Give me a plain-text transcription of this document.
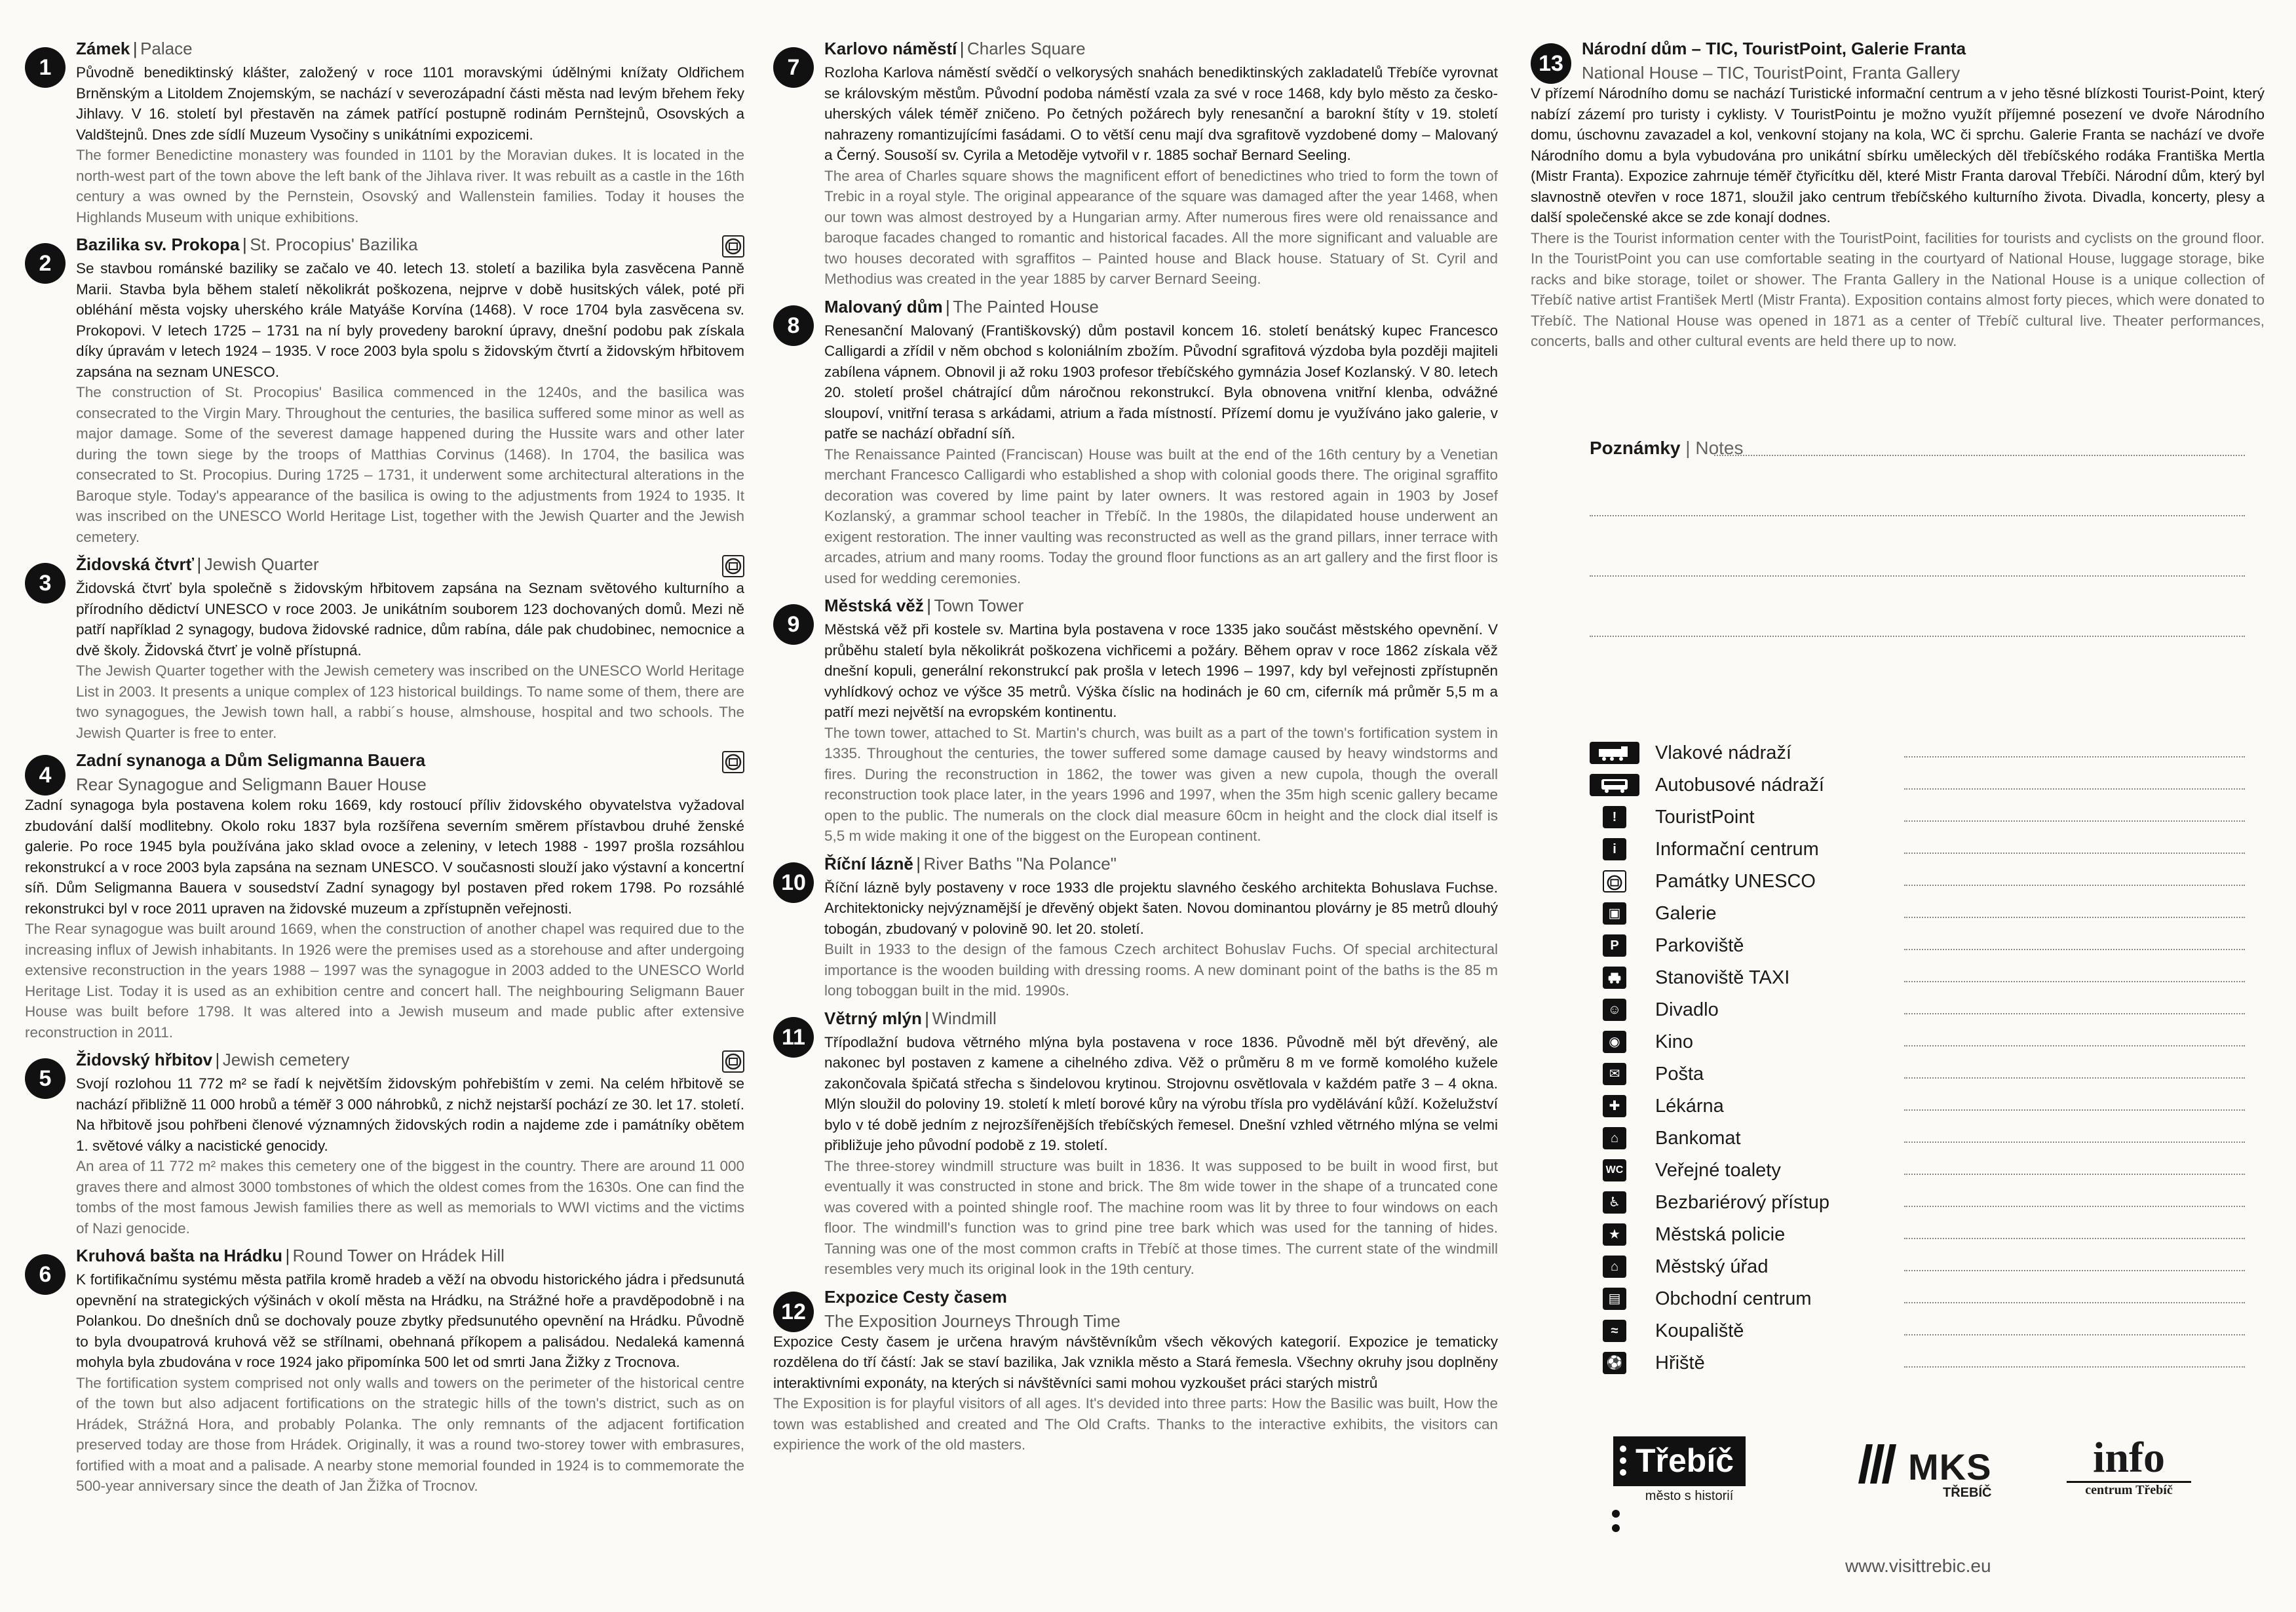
1
Zámek | Palace

Původně benediktinský klášter, založený v roce 1101 moravskými údělnými knížaty Oldřichem Brněnským a Litoldem Znojemským, se nachází v severozápadní části města nad levým břehem řeky Jihlavy. V 16. století byl přestavěn na zámek patřící postupně rodinám Pernštejnů, Osovských a Valdštejnů. Dnes zde sídlí Muzeum Vysočiny s unikátními expozicemi.

The former Benedictine monastery was founded in 1101 by the Moravian dukes. It is located in the north-west part of the town above the left bank of the Jihlava river. It was rebuilt as a castle in the 16th century a was owned by the Pernstein, Osovský and Wallenstein families. Today it houses the Highlands Museum with unique exhibitions.

2
Bazilika sv. Prokopa | St. Procopius' Bazilika

Se stavbou románské baziliky se začalo ve 40. letech 13. století a bazilika byla zasvěcena Panně Marii. Stavba byla během staletí několikrát poškozena, nejprve v době husitských válek, poté při obléhání města vojsky uherského krále Matyáše Korvína (1468). V roce 1704 byla zasvěcena sv. Prokopovi. V letech 1725 – 1731 na ní byly provedeny barokní úpravy, dnešní podobu pak získala díky úpravám v letech 1924 – 1935. V roce 2003 byla spolu s židovským čtvrtí a židovským hřbitovem zapsána na seznam UNESCO.

The construction of St. Procopius' Basilica commenced in the 1240s, and the basilica was consecrated to the Virgin Mary. Throughout the centuries, the basilica suffered some minor as well as major damage. Some of the severest damage happened during the Hussite wars and other later during the town siege by the troops of Matthias Corvinus (1468). In 1704, the basilica was consecrated to St. Procopius. During 1725 – 1731, it underwent some architectural alterations in the Baroque style. Today's appearance of the basilica is owing to the adjustments from 1924 to 1935. It was inscribed on the UNESCO World Heritage List, together with the Jewish Quarter and the Jewish cemetery.

3
Židovská čtvrť | Jewish Quarter

Židovská čtvrť byla společně s židovským hřbitovem zapsána na Seznam světového kulturního a přírodního dědictví UNESCO v roce 2003. Je unikátním souborem 123 dochovaných domů. Mezi ně patří například 2 synagogy, budova židovské radnice, dům rabína, dále pak chudobinec, nemocnice a dvě školy. Židovská čtvrť je volně přístupná.

The Jewish Quarter together with the Jewish cemetery was inscribed on the UNESCO World Heritage List in 2003. It presents a unique complex of 123 historical buildings. To name some of them, there are two synagogues, the Jewish town hall, a rabbi´s house, almshouse, hospital and two schools. The Jewish Quarter is free to enter.

4
Zadní synanoga a Dům Seligmanna Bauera
Rear Synagogue and Seligmann Bauer House

Zadní synagoga byla postavena kolem roku 1669, kdy rostoucí příliv židovského obyvatelstva vyžadoval zbudování další modlitebny. Okolo roku 1837 byla rozšířena severním směrem přístavbou druhé ženské galerie. Po roce 1945 byla používána jako sklad ovoce a zeleniny, v letech 1988 - 1997 prošla rozsáhlou rekonstrukcí a v roce 2003 byla zapsána na seznam UNESCO. V současnosti slouží jako výstavní a koncertní síň. Dům Seligmanna Bauera v sousedství Zadní synagogy byl postaven před rokem 1798. Po rozsáhlé rekonstrukci byl v roce 2011 upraven na židovské muzeum a zpřístupněn veřejnosti.

The Rear synagogue was built around 1669, when the construction of another chapel was required due to the increasing influx of Jewish inhabitants. In 1926 were the premises used as a storehouse and after undergoing extensive reconstruction in the years 1988 – 1997 was the synagogue in 2003 added to the UNESCO World Heritage List. Today it is used as an exhibition centre and concert hall. The neighbouring Seligmann Bauer House was built before 1798. It was altered into a Jewish museum and made public after extensive reconstruction in 2011.

5
Židovský hřbitov | Jewish cemetery

Svojí rozlohou 11 772 m² se řadí k největším židovským pohřebištím v zemi. Na celém hřbitově se nachází přibližně 11 000 hrobů a téměř 3 000 náhrobků, z nichž nejstarší pochází ze 30. let 17. století. Na hřbitově jsou pohřbeni členové významných židovských rodin a najdeme zde i památníky obětem 1. světové války a nacistické genocidy.

An area of 11 772 m² makes this cemetery one of the biggest in the country. There are around 11 000 graves there and almost 3000 tombstones of which the oldest comes from the 1630s. One can find the tombs of the most famous Jewish families there as well as memorials to WWI victims and the victims of Nazi genocide.

6
Kruhová bašta na Hrádku | Round Tower on Hrádek Hill

K fortifikačnímu systému města patřila kromě hradeb a věží na obvodu historického jádra i předsunutá opevnění na strategických výšinách v okolí města na Hrádku, na Strážné hoře a pravděpodobně i na Polankou. Do dnešních dnů se dochovaly pouze zbytky předsunutého opevnění na Hrádku. Původně to byla dvoupatrová kruhová věž se střílnami, obehnaná příkopem a palisádou. Nedaleká kamenná mohyla byla zbudována v roce 1924 jako připomínka 500 let od smrti Jana Žižky z Trocnova.

The fortification system comprised not only walls and towers on the perimeter of the historical centre of the town but also adjacent fortifications on the strategic hills of the town's district, such as on Hrádek, Strážná Hora, and probably Polanka. The only remnants of the adjacent fortification preserved today are those from Hrádek. Originally, it was a round two-storey tower with embrasures, fortified with a moat and a palisade. A nearby stone memorial founded in 1924 is to commemorate the 500-year anniversary since the death of Jan Žižka of Trocnov.

7
Karlovo náměstí | Charles Square

Rozloha Karlova náměstí svědčí o velkorysých snahách benediktinských zakladatelů Třebíče vyrovnat se královským městům. Původní podoba náměstí vzala za své v roce 1468, kdy bylo město za česko-uherských válek téměř zničeno. Po četných požárech byly renesanční a barokní štíty v 19. století nahrazeny romantizujícími fasádami. O to větší cenu mají dva sgrafitově vyzdobené domy – Malovaný a Černý. Sousoší sv. Cyrila a Metoděje vytvořil v r. 1885 sochař Bernard Seeling.

The area of Charles square shows the magnificent effort of benedictines who tried to form the town of Trebic in a royal style. The original appearance of the square was damaged after the year 1468, when our town was almost destroyed by a Hungarian army. After numerous fires were old renaissance and baroque facades changed to romantic and historical facades. All the more significant and valuable are two houses decorated with sgraffitos – Painted house and Black house. Statuary of St. Cyril and Methodius was created in the year 1885 by carver Bernard Seeing.

8
Malovaný dům | The Painted House

Renesanční Malovaný (Františkovský) dům postavil koncem 16. století benátský kupec Francesco Calligardi a zřídil v něm obchod s koloniálním zbožím. Původní sgrafitová výzdoba byla později majiteli zabílena vápnem. Obnovil ji až roku 1903 profesor třebíčského gymnázia Josef Kozlanský. V 80. letech 20. století prošel chátrající dům náročnou rekonstrukcí. Byla obnovena vnitřní klenba, odvážné sloupoví, vnitřní terasa s arkádami, atrium a řada místností. Přízemí domu je využíváno jako galerie, v patře se nachází obřadní síň.

The Renaissance Painted (Franciscan) House was built at the end of the 16th century by a Venetian merchant Francesco Calligardi who established a shop with colonial goods there. The original sgraffito decoration was covered by lime paint by later owners. It was restored again in 1903 by Josef Kozlanský, a grammar school teacher in Třebíč. In the 1980s, the dilapidated house underwent an exigent restoration. The inner vaulting was reconstructed as well as the grand pillars, inner terrace with arcades, atrium and many rooms. Today the ground floor functions as an art gallery and the first floor is used for wedding ceremonies.

9
Městská věž | Town Tower

Městská věž při kostele sv. Martina byla postavena v roce 1335 jako součást městského opevnění. V průběhu staletí byla několikrát poškozena vichřicemi a požáry. Během oprav v roce 1862 získala věž dnešní kopuli, generální rekonstrukcí pak prošla v letech 1996 – 1997, kdy byl veřejnosti zpřístupněn vyhlídkový ochoz ve výšce 35 metrů. Výška číslic na hodinách je 60 cm, ciferník má průměr 5,5 m a patří mezi největší na evropském kontinentu.

The town tower, attached to St. Martin's church, was built as a part of the town's fortification system in 1335. Throughout the centuries, the tower suffered some damage caused by heavy windstorms and fires. During the reconstruction in 1862, the tower was given a new cupola, though the overall reconstruction took place later, in the years 1996 and 1997, when the 35m high scenic gallery became open to the public. The numerals on the clock dial measure 60cm in height and the clock dial itself is 5,5 m wide making it one of the biggest on the European continent.

10
Říční lázně | River Baths "Na Polance"

Říční lázně byly postaveny v roce 1933 dle projektu slavného českého architekta Bohuslava Fuchse. Architektonicky nejvýznamější je dřevěný objekt šaten. Novou dominantou plovárny je 85 metrů dlouhý tobogán, zbudovaný v polovině 90. let 20. století.

Built in 1933 to the design of the famous Czech architect Bohuslav Fuchs. Of special architectural importance is the wooden building with dressing rooms. A new dominant point of the baths is the 85 m long toboggan built in the mid. 1990s.

11
Větrný mlýn | Windmill

Třípodlažní budova větrného mlýna byla postavena v roce 1836. Původně měl být dřevěný, ale nakonec byl postaven z kamene a cihelného zdiva. Věž o průměru 8 m ve formě komolého kužele zakončovala špičatá střecha s šindelovou krytinou. Strojovnu osvětlovala v každém patře 3 – 4 okna. Mlýn sloužil do poloviny 19. století k mletí borové kůry na výrobu třísla pro vydělávání kůží. Koželužství bylo v té době jedním z nejrozšířenějších třebíčských řemesel. Dnešní vzhled větrného mlýna se velmi přibližuje jeho původní podobě z 19. století.

The three-storey windmill structure was built in 1836. It was supposed to be built in wood first, but eventually it was constructed in stone and brick. The 8m wide tower in the shape of a truncated cone was covered with a pointed shingle roof. The machine room was lit by three to four windows on each floor. The windmill's function was to grind pine tree bark which was used for the tanning of hides. Tanning was one of the most common crafts in Třebíč at those times. The current state of the windmill resembles very much its original look in the 19th century.

12
Expozice Cesty časem
The Exposition Journeys Through Time

Expozice Cesty časem je určena hravým návštěvníkům všech věkových kategorií. Expozice je tematicky rozdělena do tří částí: Jak se staví bazilika, Jak vznikla město a Stará řemesla. Všechny okruhy jsou doplněny interaktivními exponáty, na kterých si návštěvníci sami mohou vyzkoušet práci starých mistrů

The Exposition is for playful visitors of all ages. It's devided into three parts: How the Basilic was built, How the town was established and created and The Old Crafts. Thanks to the interactive exhibits, the visitors can expirience the work of the old masters.

13
Národní dům – TIC, TouristPoint, Galerie Franta
National House – TIC, TouristPoint, Franta Gallery

V přízemí Národního domu se nachází Turistické informační centrum a v jeho těsné blízkosti Tourist-Point, který nabízí zázemí pro turisty i cyklisty. V TouristPointu je možno využít příjemné posezení ve dvoře Národního domu, úschovnu zavazadel a kol, venkovní stojany na kola, WC či sprchu. Galerie Franta se nachází ve dvoře Národního domu a byla vybudována pro unikátní sbírku uměleckých děl třebíčského rodáka Františka Mertla (Mistr Franta). Expozice zahrnuje téměř čtyřicítku děl, které Mistr Franta daroval Třebíči. Národní dům, který byl slavnostně otevřen v roce 1871, sloužil jako centrum třebíčského kulturního života. Divadla, koncerty, plesy a další společenské akce se zde konají dodnes.

There is the Tourist information center with the TouristPoint, facilities for tourists and cyclists on the ground floor. In the TouristPoint you can use comfortable seating in the courtyard of National House, luggage storage, bike racks and bike storage, toilet or shower. The Franta Gallery in the National House is a unique collection of Třebíč native artist František Mertl (Mistr Franta). Exposition contains almost forty pieces, which were donated to Třebíč. The National House was opened in 1871 as a center of Třebíč cultural live. Theater performances, concerts, balls and other cultural events are held there up to now.

Poznámky | Notes
Vlakové nádraží
Autobusové nádraží
!	TouristPoint
i	Informační centrum
Památky UNESCO
▣ Galerie
P	Parkoviště
Stanoviště TAXI
☺ Divadlo
◉	Kino
✉	Pošta
✚	Lékárna
⌂	Bankomat
WC Veřejné toalety
♿	Bezbariérový přístup
★	Městská policie
⌂	Městský úřad
▤ Obchodní centrum
≈	Koupaliště
⚽ Hřiště
Třebíč
město s historií
MKS
TŘEBÍČ
info
centrum Třebíč
www.visittrebic.eu
